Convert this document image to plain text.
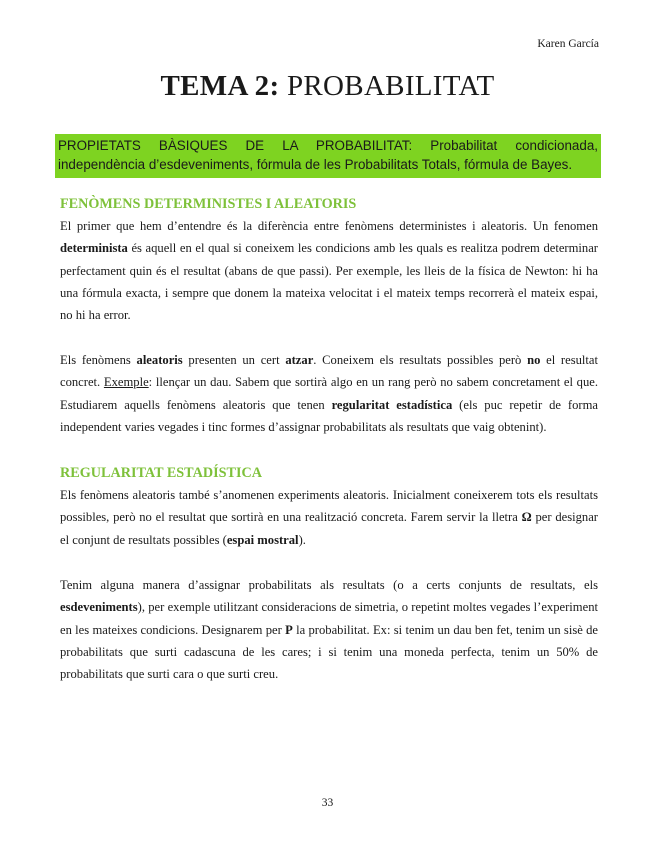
Karen García
TEMA 2: PROBABILITAT
PROPIETATS BÀSIQUES DE LA PROBABILITAT: Probabilitat condicionada, independència d’esdeveniments, fórmula de les Probabilitats Totals, fórmula de Bayes.
FENÒMENS DETERMINISTES I ALEATORIS

El primer que hem d’entendre és la diferència entre fenòmens deterministes i aleatoris. Un fenomen determinista és aquell en el qual si coneixem les condicions amb les quals es realitza podrem determinar perfectament quin és el resultat (abans de que passi). Per exemple, les lleis de la física de Newton: hi ha una fórmula exacta, i sempre que donem la mateixa velocitat i el mateix temps recorrerà el mateix espai, no hi ha error.

Els fenòmens aleatoris presenten un cert atzar. Coneixem els resultats possibles però no el resultat concret. Exemple: llençar un dau. Sabem que sortirà algo en un rang però no sabem concretament el que. Estudiarem aquells fenòmens aleatoris que tenen regularitat estadística (els puc repetir de forma independent varies vegades i tinc formes d’assignar probabilitats als resultats que vaig obtenint).

REGULARITAT ESTADÍSTICA

Els fenòmens aleatoris també s’anomenen experiments aleatoris. Inicialment coneixerem tots els resultats possibles, però no el resultat que sortirà en una realització concreta. Farem servir la lletra Ω per designar el conjunt de resultats possibles (espai mostral).

Tenim alguna manera d’assignar probabilitats als resultats (o a certs conjunts de resultats, els esdeveniments), per exemple utilitzant consideracions de simetria, o repetint moltes vegades l’experiment en les mateixes condicions. Designarem per P la probabilitat. Ex: si tenim un dau ben fet, tenim un sisè de probabilitats que surti cadascuna de les cares; i si tenim una moneda perfecta, tenim un 50% de probabilitats que surti cara o que surti creu.

33
